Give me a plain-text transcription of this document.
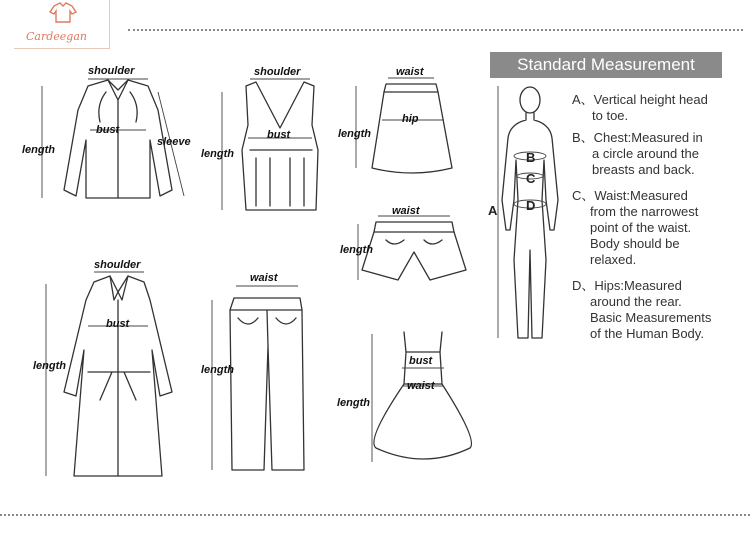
Cardeegan
shoulder
bust
length
sleeve
shoulder
bust
length
waist
hip
length
waist
length
shoulder
bust
length
waist
length
bust
waist
length
Standard Measurement
B
C
D
A
A、Vertical height head
to toe.
B、Chest:Measured in
a circle around the
breasts and back.
C、Waist:Measured
from the narrowest
point of the waist.
Body should be
relaxed.
D、Hips:Measured
around the rear.
Basic Measurements
of the Human Body.
